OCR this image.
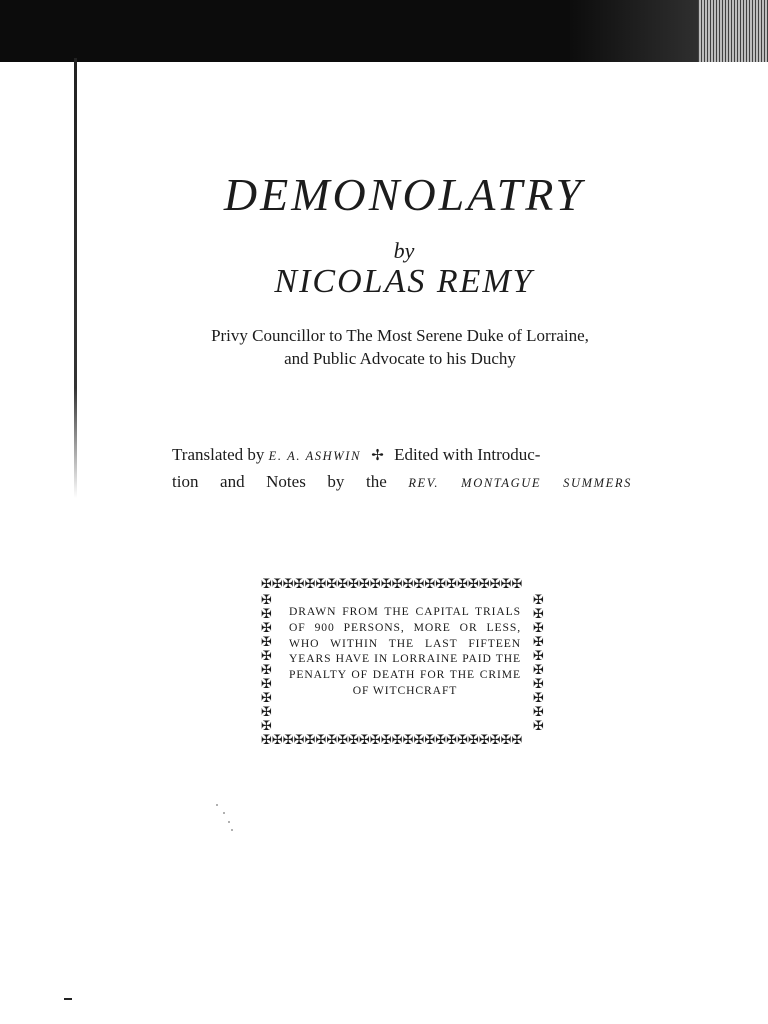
DEMONOLATRY
by
NICOLAS REMY
Privy Councillor to The Most Serene Duke of Lorraine,
and Public Advocate to his Duchy
Translated by E. A. ASHWIN ✢ Edited with Introduc-
tion and Notes by the REV. MONTAGUE SUMMERS
✠✠✠✠✠✠✠✠✠✠✠✠✠✠✠✠✠✠✠✠✠✠✠✠
✠✠✠✠✠✠✠✠✠✠✠✠✠✠✠✠✠✠✠✠✠✠✠✠
✠✠✠✠✠✠✠✠✠✠
✠✠✠✠✠✠✠✠✠✠
DRAWN FROM THE CAPITAL TRIALS OF 900 PERSONS, MORE OR LESS, WHO WITHIN THE LAST FIFTEEN YEARS HAVE IN LORRAINE PAID THE PENALTY OF DEATH FOR THE CRIME OF WITCHCRAFT
